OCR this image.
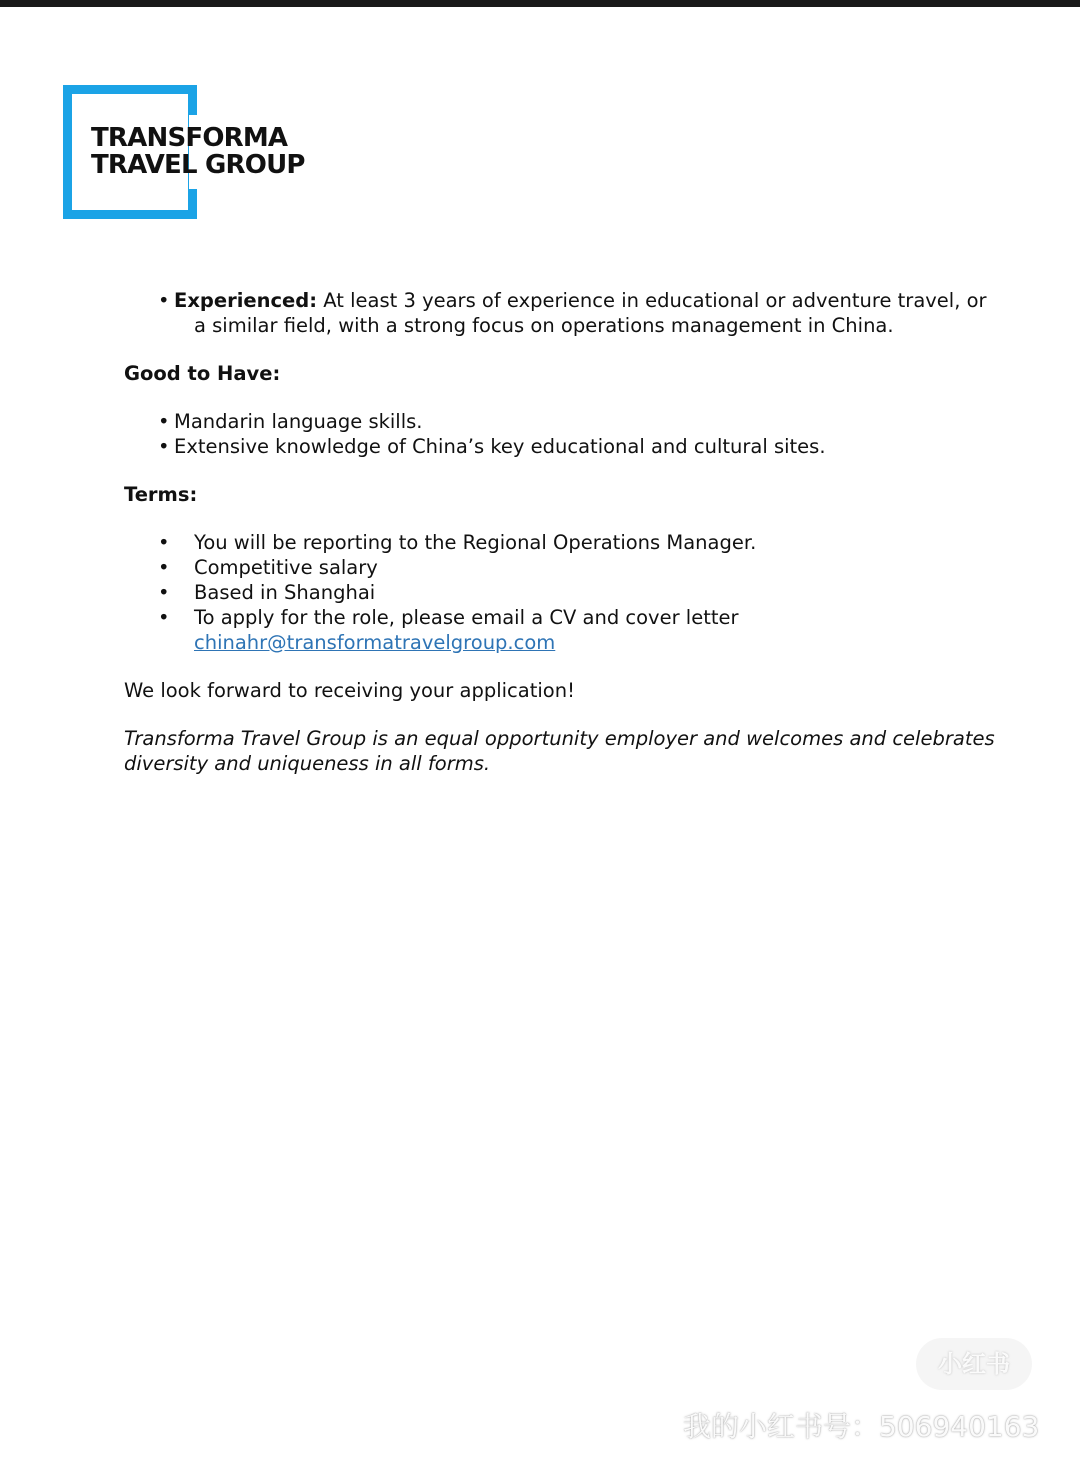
TRANSFORMA
TRAVEL GROUP
• Experienced: At least 3 years of experience in educational or adventure travel, or a similar field, with a strong focus on operations management in China.
Good to Have:
• Mandarin language skills.
• Extensive knowledge of China’s key educational and cultural sites.
Terms:
• You will be reporting to the Regional Operations Manager.
• Competitive salary
• Based in Shanghai
• To apply for the role, please email a CV and cover letter
chinahr@transformatravelgroup.com
We look forward to receiving your application!
Transforma Travel Group is an equal opportunity employer and welcomes and celebrates diversity and uniqueness in all forms.
小红书
我的小红书号：506940163
